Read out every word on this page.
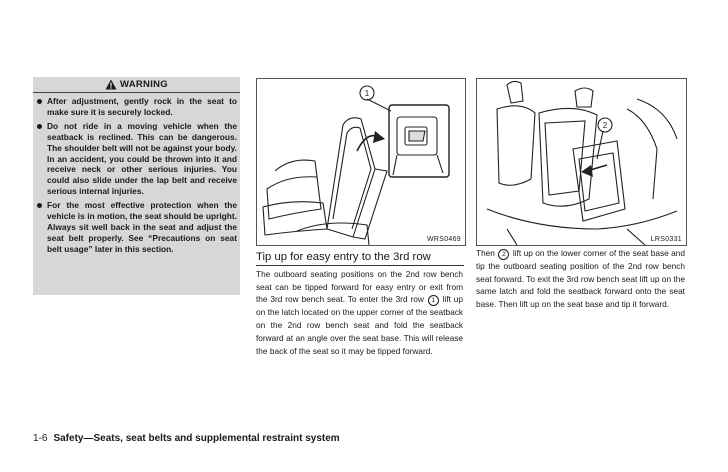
WARNING
After adjustment, gently rock in the seat to make sure it is securely locked.
Do not ride in a moving vehicle when the seatback is reclined. This can be dangerous. The shoulder belt will not be against your body. In an accident, you could be thrown into it and receive neck or other serious injuries. You could also slide under the lap belt and receive serious internal injuries.
For the most effective protection when the vehicle is in motion, the seat should be upright. Always sit well back in the seat and adjust the seat belt properly. See “Precautions on seat belt usage” later in this section.
1
WRS0469
2
LRS0331
Tip up for easy entry to the 3rd row

The outboard seating positions on the 2nd row bench seat can be tipped forward for easy entry or exit from the 3rd row bench seat. To enter the 3rd row 1 lift up on the latch located on the upper corner of the seatback on the 2nd row bench seat and fold the seatback forward at an angle over the seat base. This will release the back of the seat so it may be tipped forward.

Then 2 lift up on the lower corner of the seat base and tip the outboard seating position of the 2nd row bench seat forward. To exit the 3rd row bench seat lift up on the same latch and fold the seatback forward onto the seat base. Then lift up on the seat base and tip it forward.

1-6 Safety—Seats, seat belts and supplemental restraint system
